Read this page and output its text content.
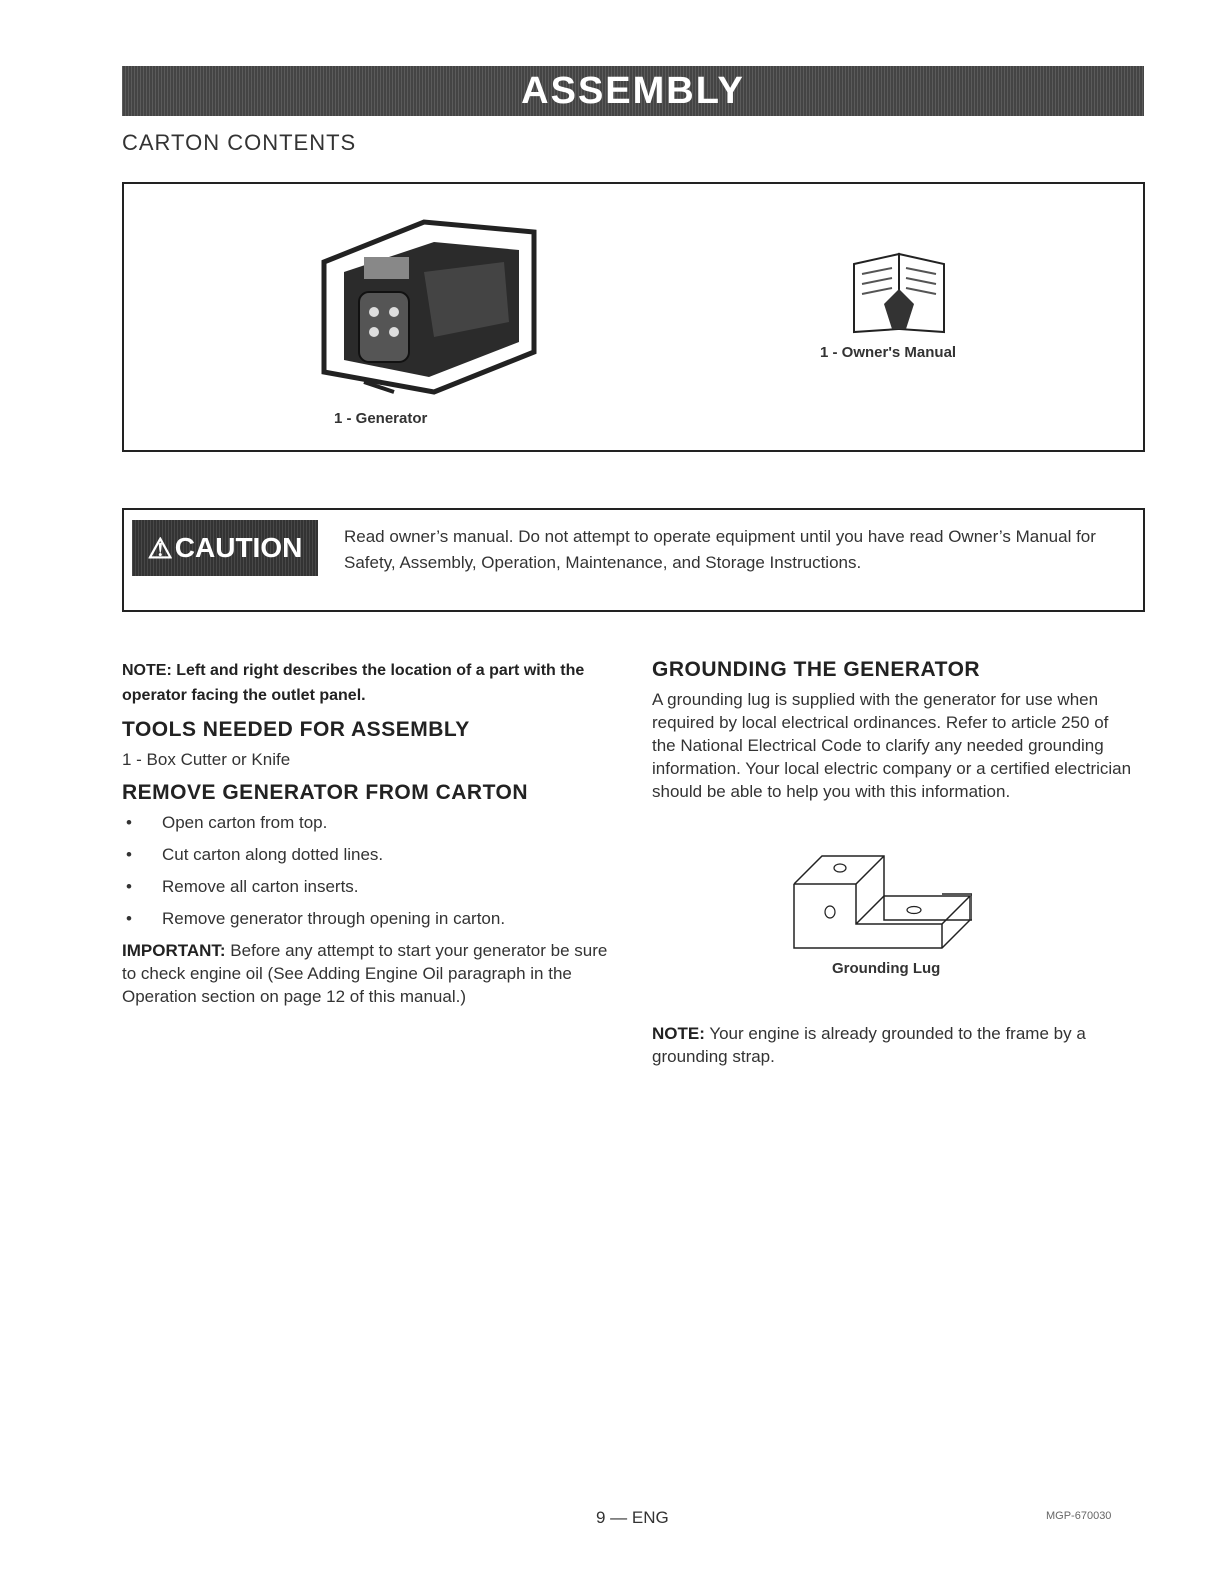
ASSEMBLY
CARTON CONTENTS
1 - Generator
1 - Owner's Manual
⚠ CAUTION Read owner’s manual. Do not attempt to operate equipment until you have read Owner’s Manual for Safety, Assembly, Operation, Maintenance, and Storage Instructions.
NOTE: Left and right describes the location of a part with the operator facing the outlet panel.
TOOLS NEEDED FOR ASSEMBLY
1 - Box Cutter or Knife
REMOVE GENERATOR FROM CARTON
•	Open carton from top.
•	Cut carton along dotted lines.
•	Remove all carton inserts.
•	Remove generator through opening in carton.
IMPORTANT: Before any attempt to start your generator be sure to check engine oil (See Adding Engine Oil paragraph in the Operation section on page 12 of this manual.)
GROUNDING THE GENERATOR
A grounding lug is supplied with the generator for use when required by local electrical ordinances. Refer to article 250 of the National Electrical Code to clarify any needed grounding information. Your local electric company or a certified electrician should be able to help you with this information.
Grounding Lug
NOTE: Your engine is already grounded to the frame by a grounding strap.
9 — ENG	MGP-670030
